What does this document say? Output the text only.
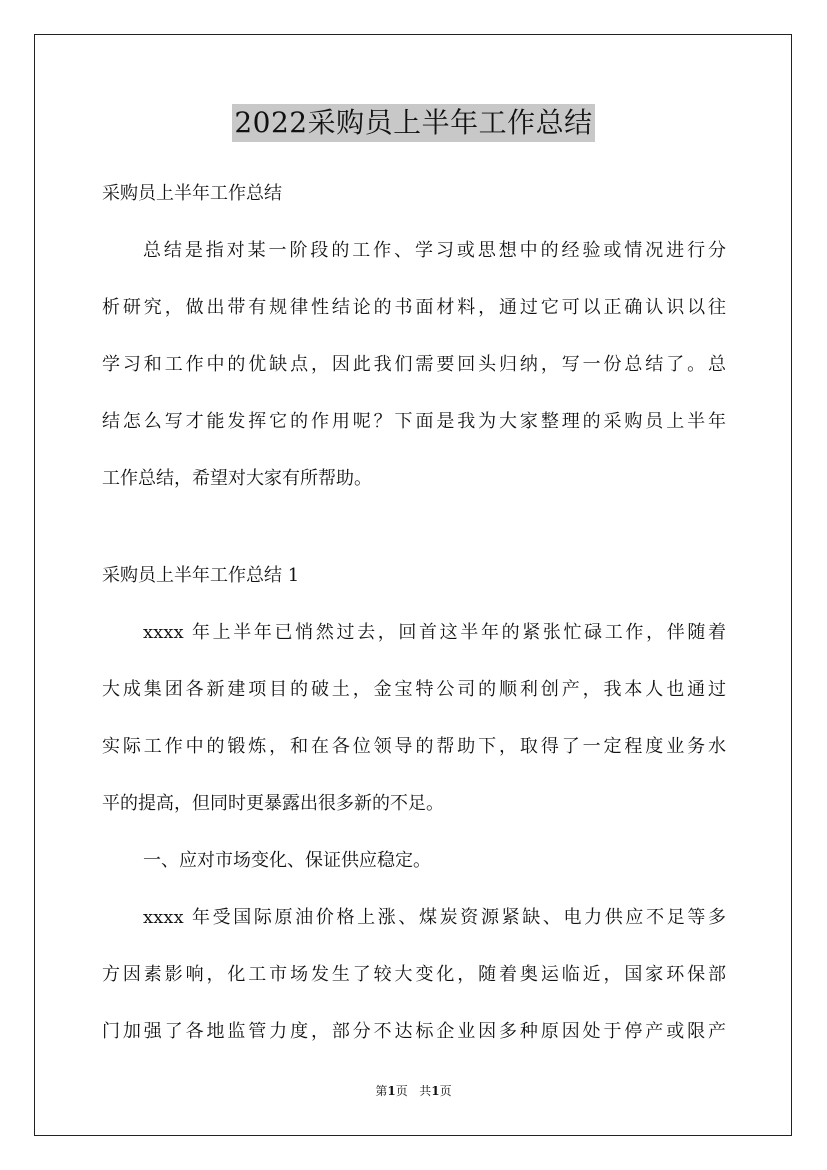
2022采购员上半年工作总结
采购员上半年工作总结
总结是指对某一阶段的工作、学习或思想中的经验或情况进行分
析研究，做出带有规律性结论的书面材料，通过它可以正确认识以往
学习和工作中的优缺点，因此我们需要回头归纳，写一份总结了。总
结怎么写才能发挥它的作用呢？下面是我为大家整理的采购员上半年
工作总结，希望对大家有所帮助。
采购员上半年工作总结 1
xxxx 年上半年已悄然过去，回首这半年的紧张忙碌工作，伴随着
大成集团各新建项目的破土，金宝特公司的顺利创产，我本人也通过
实际工作中的锻炼，和在各位领导的帮助下，取得了一定程度业务水
平的提高，但同时更暴露出很多新的不足。
一、应对市场变化、保证供应稳定。
xxxx 年受国际原油价格上涨、煤炭资源紧缺、电力供应不足等多
方因素影响，化工市场发生了较大变化，随着奥运临近，国家环保部
门加强了各地监管力度，部分不达标企业因多种原因处于停产或限产
第1页 共1页
